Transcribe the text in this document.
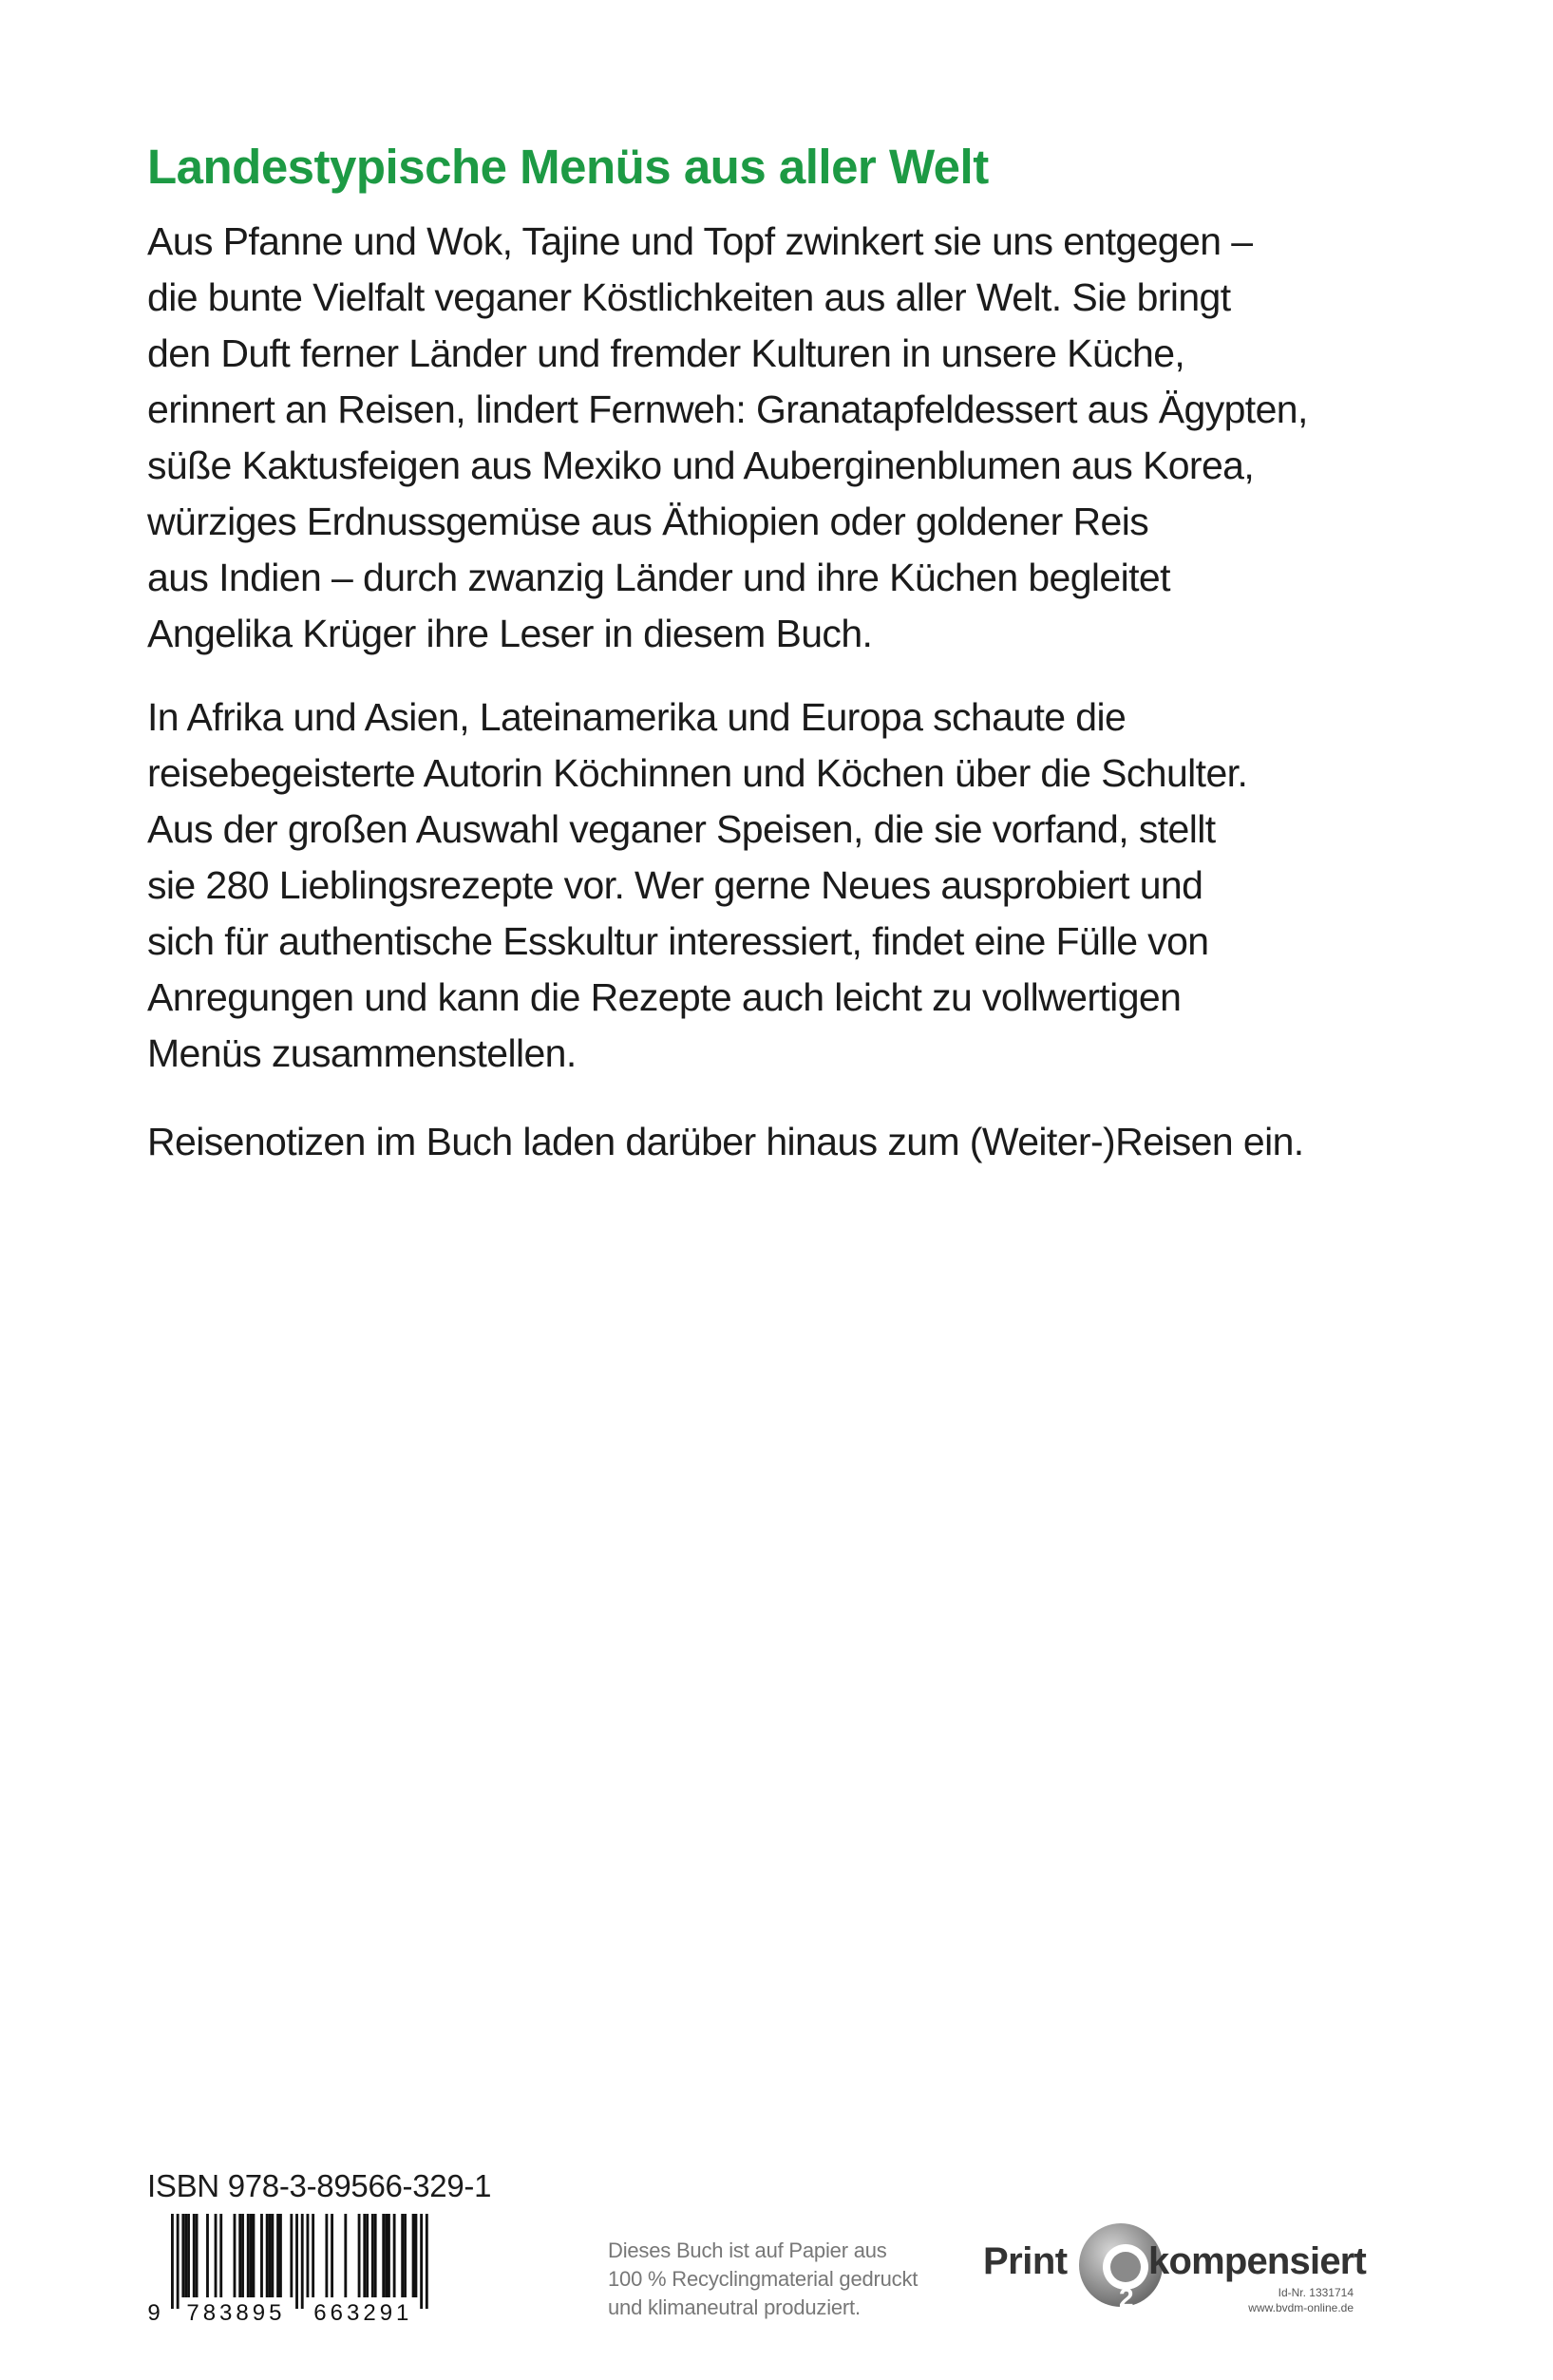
Landestypische Menüs aus aller Welt

Aus Pfanne und Wok, Tajine und Topf zwinkert sie uns entgegen –
die bunte Vielfalt veganer Köstlichkeiten aus aller Welt. Sie bringt
den Duft ferner Länder und fremder Kulturen in unsere Küche,
erinnert an Reisen, lindert Fernweh: Granatapfeldessert aus Ägypten,
süße Kaktusfeigen aus Mexiko und Auberginenblumen aus Korea,
würziges Erdnussgemüse aus Äthiopien oder goldener Reis
aus Indien – durch zwanzig Länder und ihre Küchen begleitet
Angelika Krüger ihre Leser in diesem Buch.

In Afrika und Asien, Lateinamerika und Europa schaute die
reisebegeisterte Autorin Köchinnen und Köchen über die Schulter.
Aus der großen Auswahl veganer Speisen, die sie vorfand, stellt
sie 280 Lieblingsrezepte vor. Wer gerne Neues ausprobiert und
sich für authentische Esskultur interessiert, findet eine Fülle von
Anregungen und kann die Rezepte auch leicht zu vollwertigen
Menüs zusammenstellen.

Reisenotizen im Buch laden darüber hinaus zum (Weiter-)Reisen ein.

ISBN 978-3-89566-329-1
9 783895 663291
Dieses Buch ist auf Papier aus
100 % Recyclingmaterial gedruckt
und klimaneutral produziert.
Print
2
kompensiert
Id-Nr. 1331714
www.bvdm-online.de
